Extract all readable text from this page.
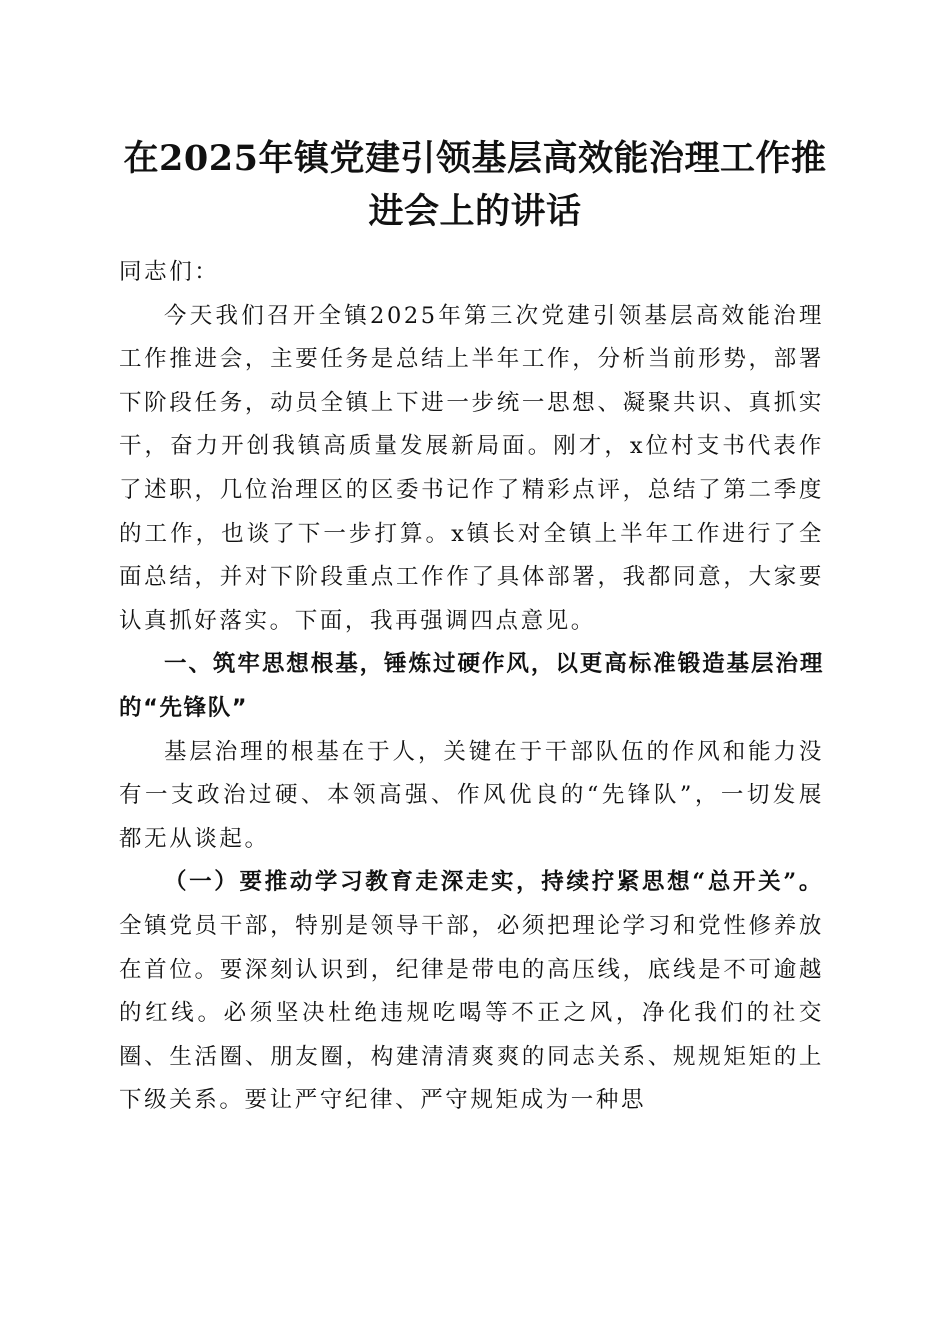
在2025年镇党建引领基层高效能治理工作推
进会上的讲话

同志们：

今天我们召开全镇2025年第三次党建引领基层高效能治理工作推进会，主要任务是总结上半年工作，分析当前形势，部署下阶段任务，动员全镇上下进一步统一思想、凝聚共识、真抓实干，奋力开创我镇高质量发展新局面。刚才，x位村支书代表作了述职，几位治理区的区委书记作了精彩点评，总结了第二季度的工作，也谈了下一步打算。x镇长对全镇上半年工作进行了全面总结，并对下阶段重点工作作了具体部署，我都同意，大家要认真抓好落实。下面，我再强调四点意见。

一、筑牢思想根基，锤炼过硬作风，以更高标准锻造基层治理的“先锋队”

基层治理的根基在于人，关键在于干部队伍的作风和能力没有一支政治过硬、本领高强、作风优良的“先锋队”，一切发展都无从谈起。

（一）要推动学习教育走深走实，持续拧紧思想“总开关”。全镇党员干部，特别是领导干部，必须把理论学习和党性修养放在首位。要深刻认识到，纪律是带电的高压线，底线是不可逾越的红线。必须坚决杜绝违规吃喝等不正之风，净化我们的社交圈、生活圈、朋友圈，构建清清爽爽的同志关系、规规矩矩的上下级关系。要让严守纪律、严守规矩成为一种思
